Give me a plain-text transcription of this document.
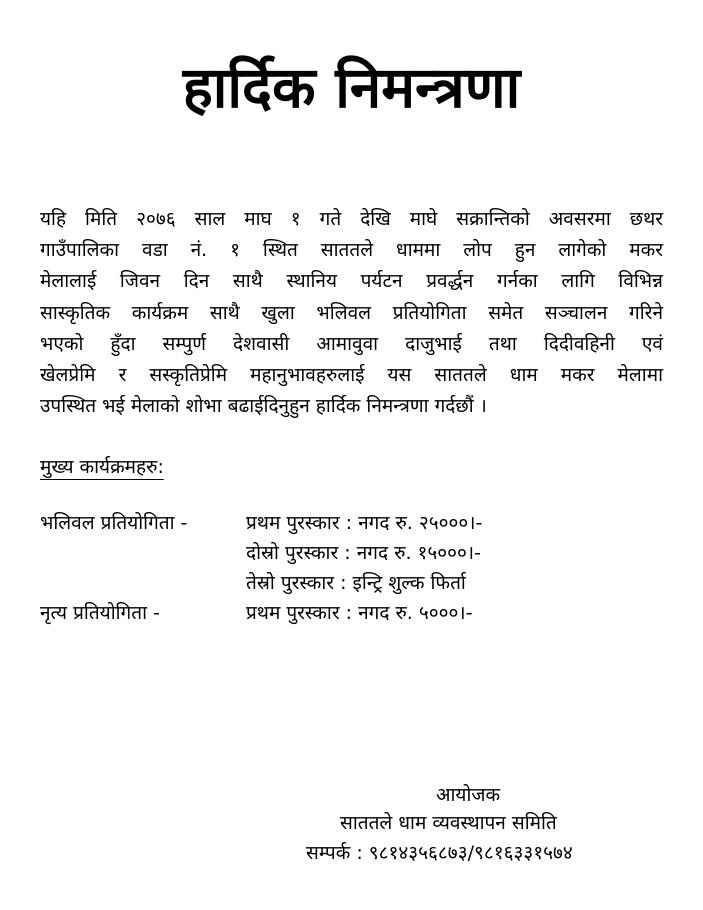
हार्दिक निमन्त्रणा
यहि मिति २०७६ साल माघ १ गते देखि माघे सक्रान्तिको अवसरमा छथर
गाउँपालिका वडा नं. १ स्थित साततले धाममा लोप हुन लागेको मकर
मेलालाई जिवन दिन साथै स्थानिय पर्यटन प्रवर्द्धन गर्नका लागि विभिन्न
सास्कृतिक कार्यक्रम साथै खुला भलिवल प्रतियोगिता समेत सञ्चालन गरिने
भएको हुँदा सम्पुर्ण देशवासी आमावुवा दाजुभाई तथा दिदीवहिनी एवं
खेलप्रेमि र सस्कृतिप्रेमि महानुभावहरुलाई यस साततले धाम मकर मेलामा
उपस्थित भई मेलाको शोभा बढाईदिनुहुन हार्दिक निमन्त्रणा गर्दछौं ।
मुख्य कार्यक्रमहरु:
भलिवल प्रतियोगिता -	प्रथम पुरस्कार : नगद रु. २५०००।-
दोस्रो पुरस्कार : नगद रु. १५०००।-
तेस्रो पुरस्कार : इन्ट्रि शुल्क फिर्ता
नृत्य प्रतियोगिता -	प्रथम पुरस्कार : नगद रु. ५०००।-
आयोजक
साततले धाम व्यवस्थापन समिति
सम्पर्क : ९८१४३५६८७३/९८१६३३१५७४
